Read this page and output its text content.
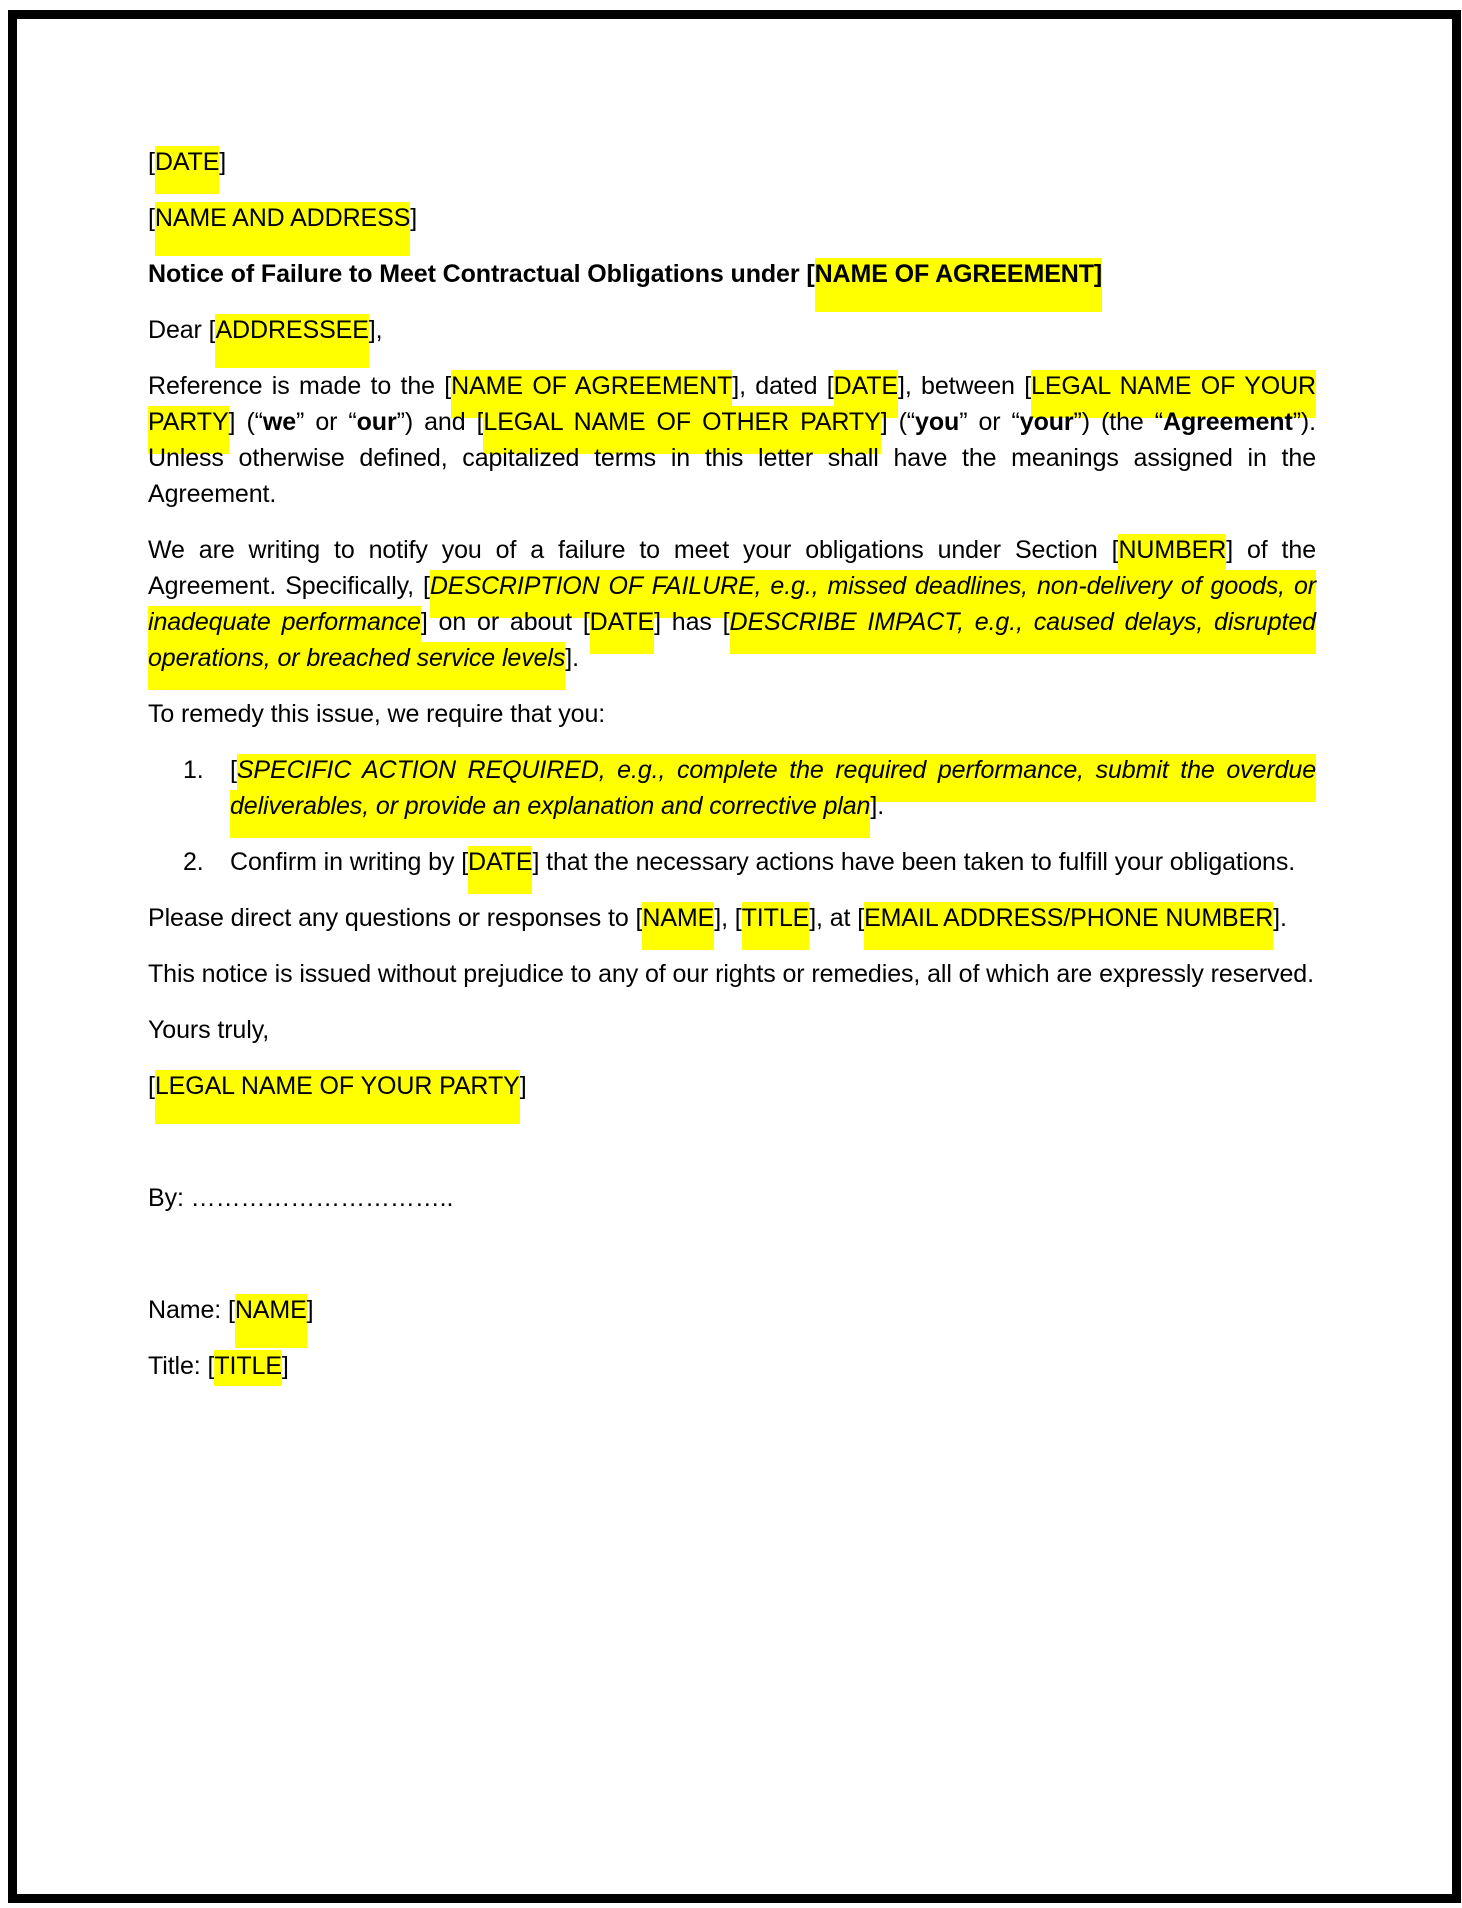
[DATE]
[NAME AND ADDRESS]
Notice of Failure to Meet Contractual Obligations under [NAME OF AGREEMENT]
Dear [ADDRESSEE],
Reference is made to the [NAME OF AGREEMENT], dated [DATE], between [LEGAL NAME OF YOUR PARTY] (“we” or “our”) and [LEGAL NAME OF OTHER PARTY] (“you” or “your”) (the “Agreement”). Unless otherwise defined, capitalized terms in this letter shall have the meanings assigned in the Agreement.
We are writing to notify you of a failure to meet your obligations under Section [NUMBER] of the Agreement. Specifically, [DESCRIPTION OF FAILURE, e.g., missed deadlines, non-delivery of goods, or inadequate performance] on or about [DATE] has [DESCRIBE IMPACT, e.g., caused delays, disrupted operations, or breached service levels].
To remedy this issue, we require that you:
1. [SPECIFIC ACTION REQUIRED, e.g., complete the required performance, submit the overdue deliverables, or provide an explanation and corrective plan].
2. Confirm in writing by [DATE] that the necessary actions have been taken to fulfill your obligations.
Please direct any questions or responses to [NAME], [TITLE], at [EMAIL ADDRESS/PHONE NUMBER].
This notice is issued without prejudice to any of our rights or remedies, all of which are expressly reserved.
Yours truly,
[LEGAL NAME OF YOUR PARTY]

By: …………………………..

Name: [NAME]
Title: [TITLE]
